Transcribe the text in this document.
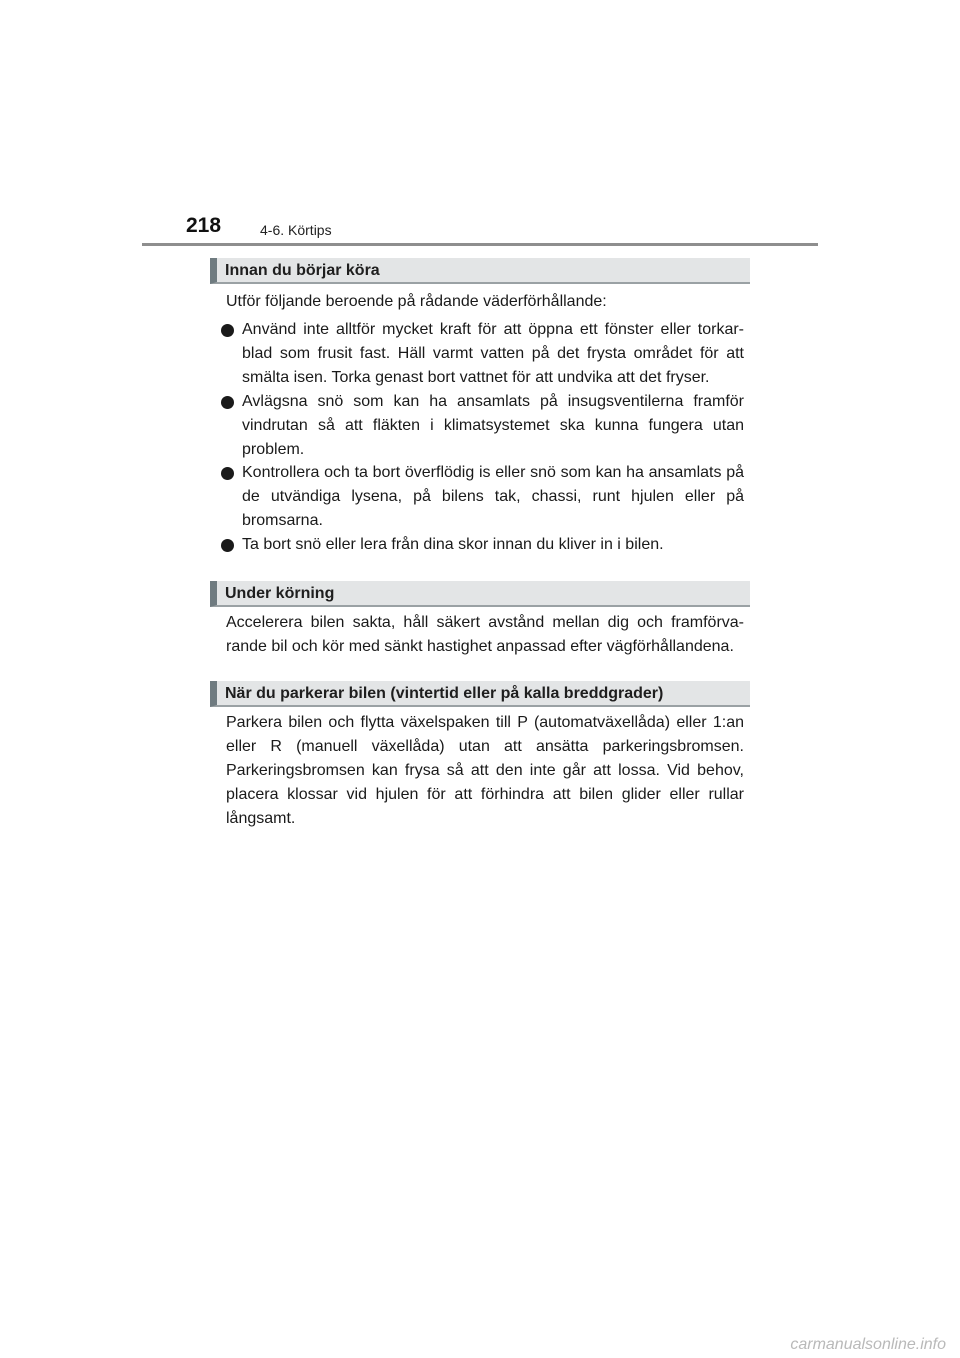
218	4-6. Körtips
Innan du börjar köra

Utför följande beroende på rådande väderförhållande:

Använd inte alltför mycket kraft för att öppna ett fönster eller torkar-blad som frusit fast. Häll varmt vatten på det frysta området för att smälta isen. Torka genast bort vattnet för att undvika att det fryser.
Avlägsna snö som kan ha ansamlats på insugsventilerna framför vindrutan så att fläkten i klimatsystemet ska kunna fungera utan problem.
Kontrollera och ta bort överflödig is eller snö som kan ha ansamlats på de utvändiga lysena, på bilens tak, chassi, runt hjulen eller på bromsarna.
Ta bort snö eller lera från dina skor innan du kliver in i bilen.
Under körning

Accelerera bilen sakta, håll säkert avstånd mellan dig och framförva-rande bil och kör med sänkt hastighet anpassad efter vägförhållandena.

När du parkerar bilen (vintertid eller på kalla breddgrader)

Parkera bilen och flytta växelspaken till P (automatväxellåda) eller 1:an eller R (manuell växellåda) utan att ansätta parkeringsbromsen. Parkeringsbromsen kan frysa så att den inte går att lossa. Vid behov, placera klossar vid hjulen för att förhindra att bilen glider eller rullar långsamt.

carmanualsonline.info
